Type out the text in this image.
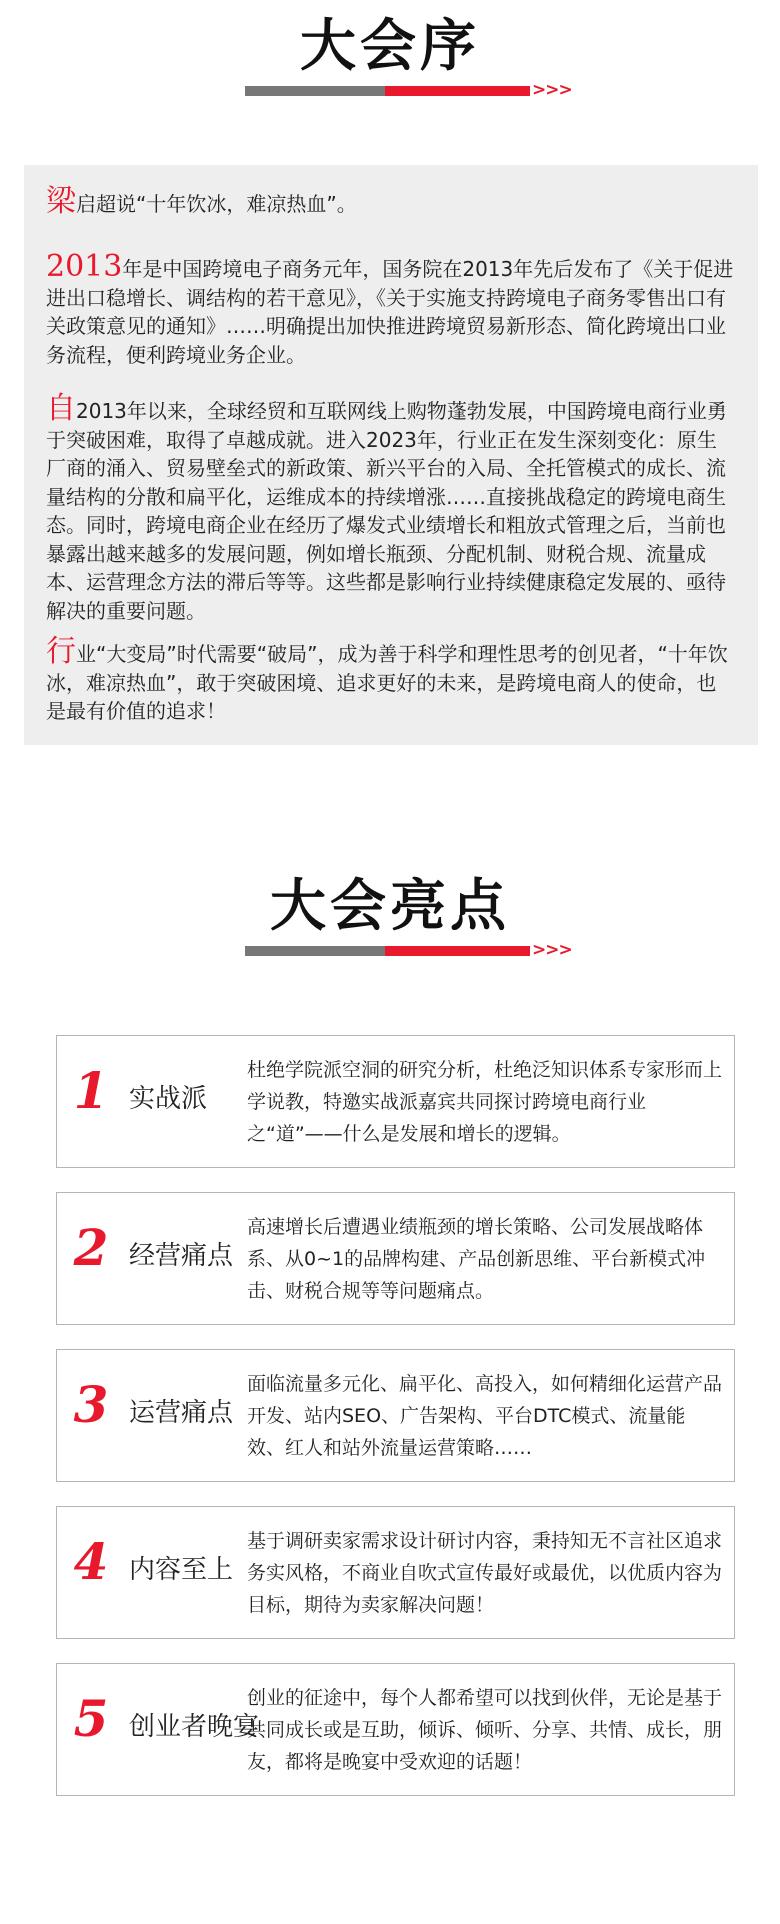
大会序
>>>

梁启超说“十年饮冰，难凉热血”。

2013年是中国跨境电子商务元年，国务院在2013年先后发布了《关于促进进出口稳增长、调结构的若干意见》，《关于实施支持跨境电子商务零售出口有关政策意见的通知》……明确提出加快推进跨境贸易新形态、简化跨境出口业务流程，便利跨境业务企业。

自2013年以来，全球经贸和互联网线上购物蓬勃发展，中国跨境电商行业勇于突破困难，取得了卓越成就。进入2023年，行业正在发生深刻变化：原生厂商的涌入、贸易壁垒式的新政策、新兴平台的入局、全托管模式的成长、流量结构的分散和扁平化，运维成本的持续增涨……直接挑战稳定的跨境电商生态。同时，跨境电商企业在经历了爆发式业绩增长和粗放式管理之后，当前也暴露出越来越多的发展问题，例如增长瓶颈、分配机制、财税合规、流量成本、运营理念方法的滞后等等。这些都是影响行业持续健康稳定发展的、亟待解决的重要问题。

行业“大变局”时代需要“破局”，成为善于科学和理性思考的创见者，“十年饮冰，难凉热血”，敢于突破困境、追求更好的未来，是跨境电商人的使命，也是最有价值的追求！

大会亮点
>>>
1 实战派
杜绝学院派空洞的研究分析，杜绝泛知识体系专家形而上学说教，特邀实战派嘉宾共同探讨跨境电商行业之“道”——什么是发展和增长的逻辑。
2 经营痛点
高速增长后遭遇业绩瓶颈的增长策略、公司发展战略体系、从0~1的品牌构建、产品创新思维、平台新模式冲击、财税合规等等问题痛点。
3 运营痛点
面临流量多元化、扁平化、高投入，如何精细化运营产品开发、站内SEO、广告架构、平台DTC模式、流量能效、红人和站外流量运营策略……
4 内容至上
基于调研卖家需求设计研讨内容，秉持知无不言社区追求务实风格，不商业自吹式宣传最好或最优，以优质内容为目标，期待为卖家解决问题！
5 创业者晚宴
创业的征途中，每个人都希望可以找到伙伴，无论是基于共同成长或是互助，倾诉、倾听、分享、共情、成长，朋友，都将是晚宴中受欢迎的话题！
